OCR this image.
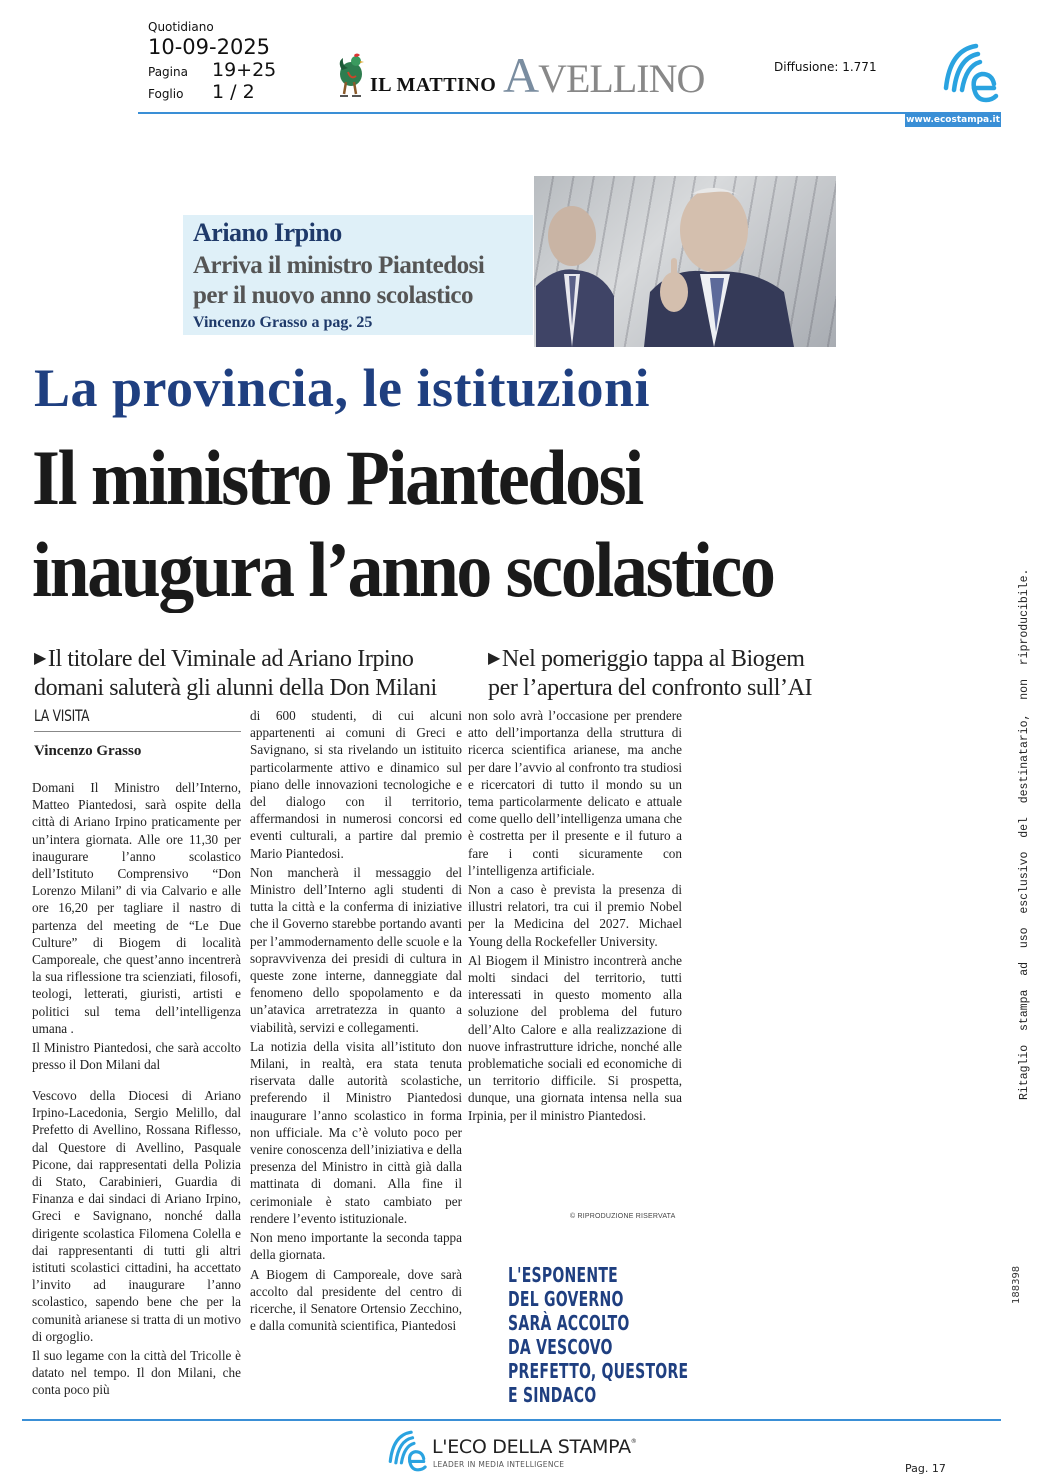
Quotidiano
10-09-2025
Pagina	19+25
Foglio	1 / 2	IL MATTINO AVELLINO	Diffusione: 1.771
www.ecostampa.it
Ariano Irpino
Arriva il ministro Piantedosi
per il nuovo anno scolastico
Vincenzo Grasso a pag. 25
La provincia, le istituzioni
Il ministro Piantedosi
inaugura l’anno scolastico
▶Il titolare del Viminale ad Ariano Irpino
domani saluterà gli alunni della Don Milani
▶Nel pomeriggio tappa al Biogem
per l’apertura del confronto sull’AI
LA VISITA
Vincenzo Grasso

Domani Il Ministro dell’Interno, Matteo Piantedosi, sarà ospite della città di Ariano Irpino praticamente per un’intera giornata. Alle ore 11,30 per inaugurare l’anno scolastico dell’Istituto Comprensivo “Don Lorenzo Milani” di via Calvario e alle ore 16,20 per tagliare il nastro di partenza del meeting de “Le Due Culture” di Biogem di località Camporeale, che quest’anno incentrerà la sua riflessione tra scienziati, filosofi, teologi, letterati, giuristi, artisti e politici sul tema dell’intelligenza umana .

Il Ministro Piantedosi, che sarà accolto presso il Don Milani dal

Vescovo della Diocesi di Ariano Irpino-Lacedonia, Sergio Melillo, dal Prefetto di Avellino, Rossana Riflesso, dal Questore di Avellino, Pasquale Picone, dai rappresentati della Polizia di Stato, Carabinieri, Guardia di Finanza e dai sindaci di Ariano Irpino, Greci e Savignano, nonché dalla dirigente scolastica Filomena Colella e dai rappresentanti di tutti gli altri istituti scolastici cittadini, ha accettato l’invito ad inaugurare l’anno scolastico, sapendo bene che per la comunità arianese si tratta di un motivo di orgoglio.

Il suo legame con la città del Tricolle è datato nel tempo. Il don Milani, che conta poco più

di 600 studenti, di cui alcuni appartenenti ai comuni di Greci e Savignano, si sta rivelando un istituito particolarmente attivo e dinamico sul piano delle innovazioni tecnologiche e del dialogo con il territorio, affermandosi in numerosi concorsi ed eventi culturali, a partire dal premio Mario Piantedosi.

Non mancherà il messaggio del Ministro dell’Interno agli studenti di tutta la città e la conferma di iniziative che il Governo starebbe portando avanti per l’ammodernamento delle scuole e la sopravvivenza dei presidi di cultura in queste zone interne, danneggiate dal fenomeno dello spopolamento e da un’atavica arretratezza in quanto a viabilità, servizi e collegamenti.

La notizia della visita all’istituto don Milani, in realtà, era stata tenuta riservata dalle autorità scolastiche, preferendo il Ministro Piantedosi inaugurare l’anno scolastico in forma non ufficiale. Ma c’è voluto poco per venire conoscenza dell’iniziativa e della presenza del Ministro in città già dalla mattinata di domani. Alla fine il cerimoniale è stato cambiato per rendere l’evento istituzionale.

Non meno importante la seconda tappa della giornata.

A Biogem di Camporeale, dove sarà accolto dal presidente del centro di ricerche, il Senatore Ortensio Zecchino, e dalla comunità scientifica, Piantedosi

non solo avrà l’occasione per prendere atto dell’importanza della struttura di ricerca scientifica arianese, ma anche per dare l’avvio al confronto tra studiosi e ricercatori di tutto il mondo su un tema particolarmente delicato e attuale come quello dell’intelligenza umana che è costretta per il presente e il futuro a fare i conti sicuramente con l’intelligenza artificiale.

Non a caso è prevista la presenza di illustri relatori, tra cui il premio Nobel per la Medicina del 2027. Michael Young della Rockefeller University.

Al Biogem il Ministro incontrerà anche molti sindaci del territorio, tutti interessati in questo momento alla soluzione del problema del futuro dell’Alto Calore e alla realizzazione di nuove infrastrutture idriche, nonché alle problematiche sociali ed economiche di un territorio difficile. Si prospetta, dunque, una giornata intensa nella sua Irpinia, per il ministro Piantedosi.

© RIPRODUZIONE RISERVATA
L'ESPONENTE
DEL GOVERNO
SARÀ ACCOLTO
DA VESCOVO
PREFETTO, QUESTORE
E SINDACO
Ritaglio  stampa  ad  uso  esclusivo  del  destinatario,  non  riproducibile.
188398
L'ECO DELLA STAMPA®
LEADER IN MEDIA INTELLIGENCE	Pag. 17
